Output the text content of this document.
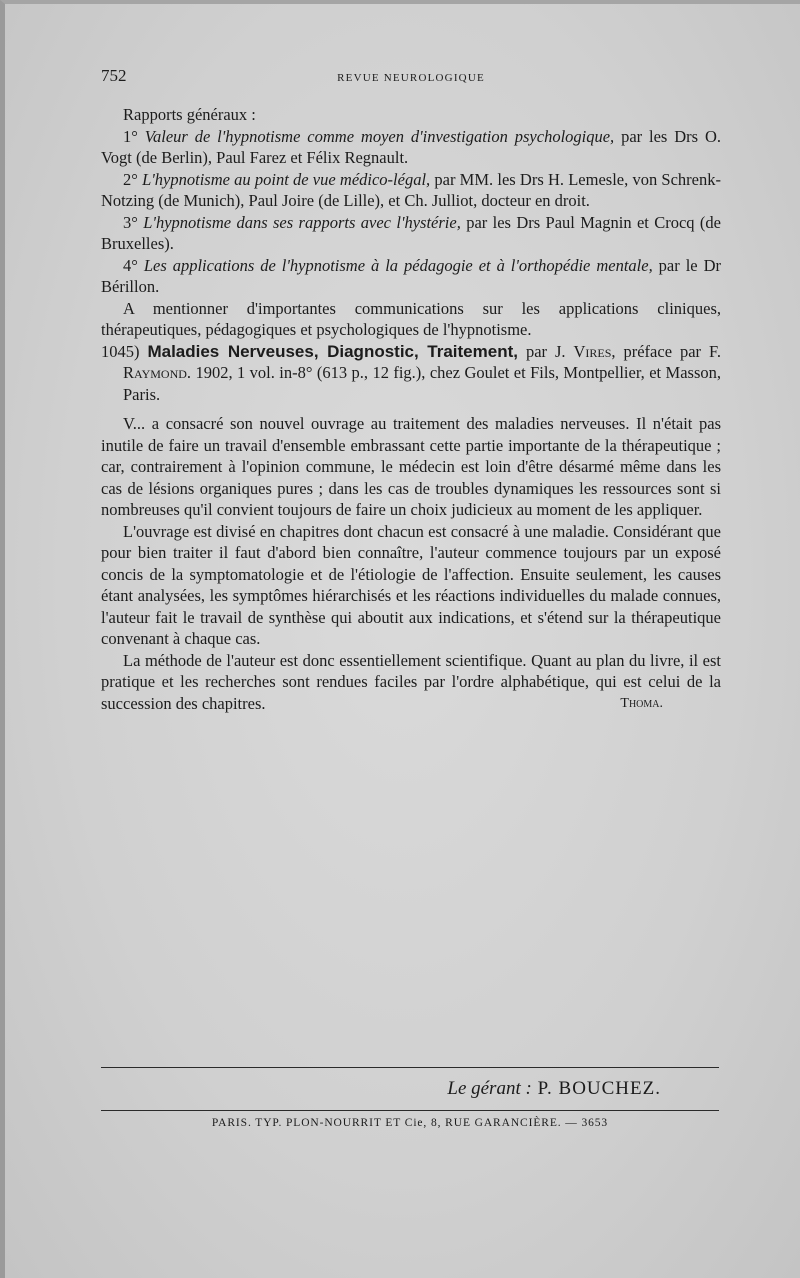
752	REVUE NEUROLOGIQUE

Rapports généraux :

1° Valeur de l'hypnotisme comme moyen d'investigation psychologique, par les Drs O. Vogt (de Berlin), Paul Farez et Félix Regnault.

2° L'hypnotisme au point de vue médico-légal, par MM. les Drs H. Lemesle, von Schrenk-Notzing (de Munich), Paul Joire (de Lille), et Ch. Julliot, docteur en droit.

3° L'hypnotisme dans ses rapports avec l'hystérie, par les Drs Paul Magnin et Crocq (de Bruxelles).

4° Les applications de l'hypnotisme à la pédagogie et à l'orthopédie mentale, par le Dr Bérillon.

A mentionner d'importantes communications sur les applications cliniques, thérapeutiques, pédagogiques et psychologiques de l'hypnotisme.

1045) Maladies Nerveuses, Diagnostic, Traitement, par J. Vires, préface par F. Raymond. 1902, 1 vol. in-8° (613 p., 12 fig.), chez Goulet et Fils, Montpellier, et Masson, Paris.

V... a consacré son nouvel ouvrage au traitement des maladies nerveuses. Il n'était pas inutile de faire un travail d'ensemble embrassant cette partie importante de la thérapeutique ; car, contrairement à l'opinion commune, le médecin est loin d'être désarmé même dans les cas de lésions organiques pures ; dans les cas de troubles dynamiques les ressources sont si nombreuses qu'il convient toujours de faire un choix judicieux au moment de les appliquer.

L'ouvrage est divisé en chapitres dont chacun est consacré à une maladie. Considérant que pour bien traiter il faut d'abord bien connaître, l'auteur commence toujours par un exposé concis de la symptomatologie et de l'étiologie de l'affection. Ensuite seulement, les causes étant analysées, les symptômes hiérarchisés et les réactions individuelles du malade connues, l'auteur fait le travail de synthèse qui aboutit aux indications, et s'étend sur la thérapeutique convenant à chaque cas.

La méthode de l'auteur est donc essentiellement scientifique. Quant au plan du livre, il est pratique et les recherches sont rendues faciles par l'ordre alphabétique, qui est celui de la succession des chapitres.	Thoma.

Le gérant : P. BOUCHEZ.
PARIS. TYP. PLON-NOURRIT ET Cie, 8, RUE GARANCIÈRE. — 3653
